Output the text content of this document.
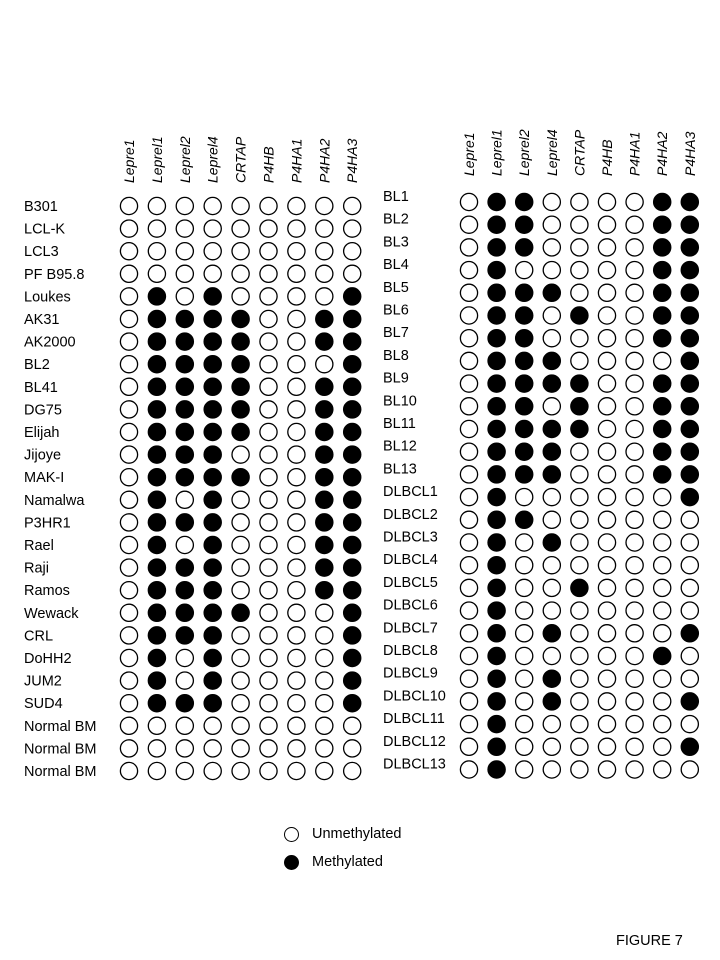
Lepre1 Leprel1 Leprel2 Leprel4 CRTAP P4HB P4HA1 P4HA2 P4HA3
B301
LCL-K
LCL3
PF B95.8
Loukes
AK31
AK2000
BL2
BL41
DG75
Elijah
Jijoye
MAK-I
Namalwa
P3HR1
Rael
Raji
Ramos
Wewack
CRL
DoHH2
JUM2
SUD4
Normal BM
Normal BM
Normal BM
Lepre1 Leprel1 Leprel2 Leprel4 CRTAP P4HB P4HA1 P4HA2 P4HA3
BL1
BL2
BL3
BL4
BL5
BL6
BL7
BL8
BL9
BL10
BL11
BL12
BL13
DLBCL1
DLBCL2
DLBCL3
DLBCL4
DLBCL5
DLBCL6
DLBCL7
DLBCL8
DLBCL9
DLBCL10
DLBCL11
DLBCL12
DLBCL13
Unmethylated
Methylated
FIGURE 7
